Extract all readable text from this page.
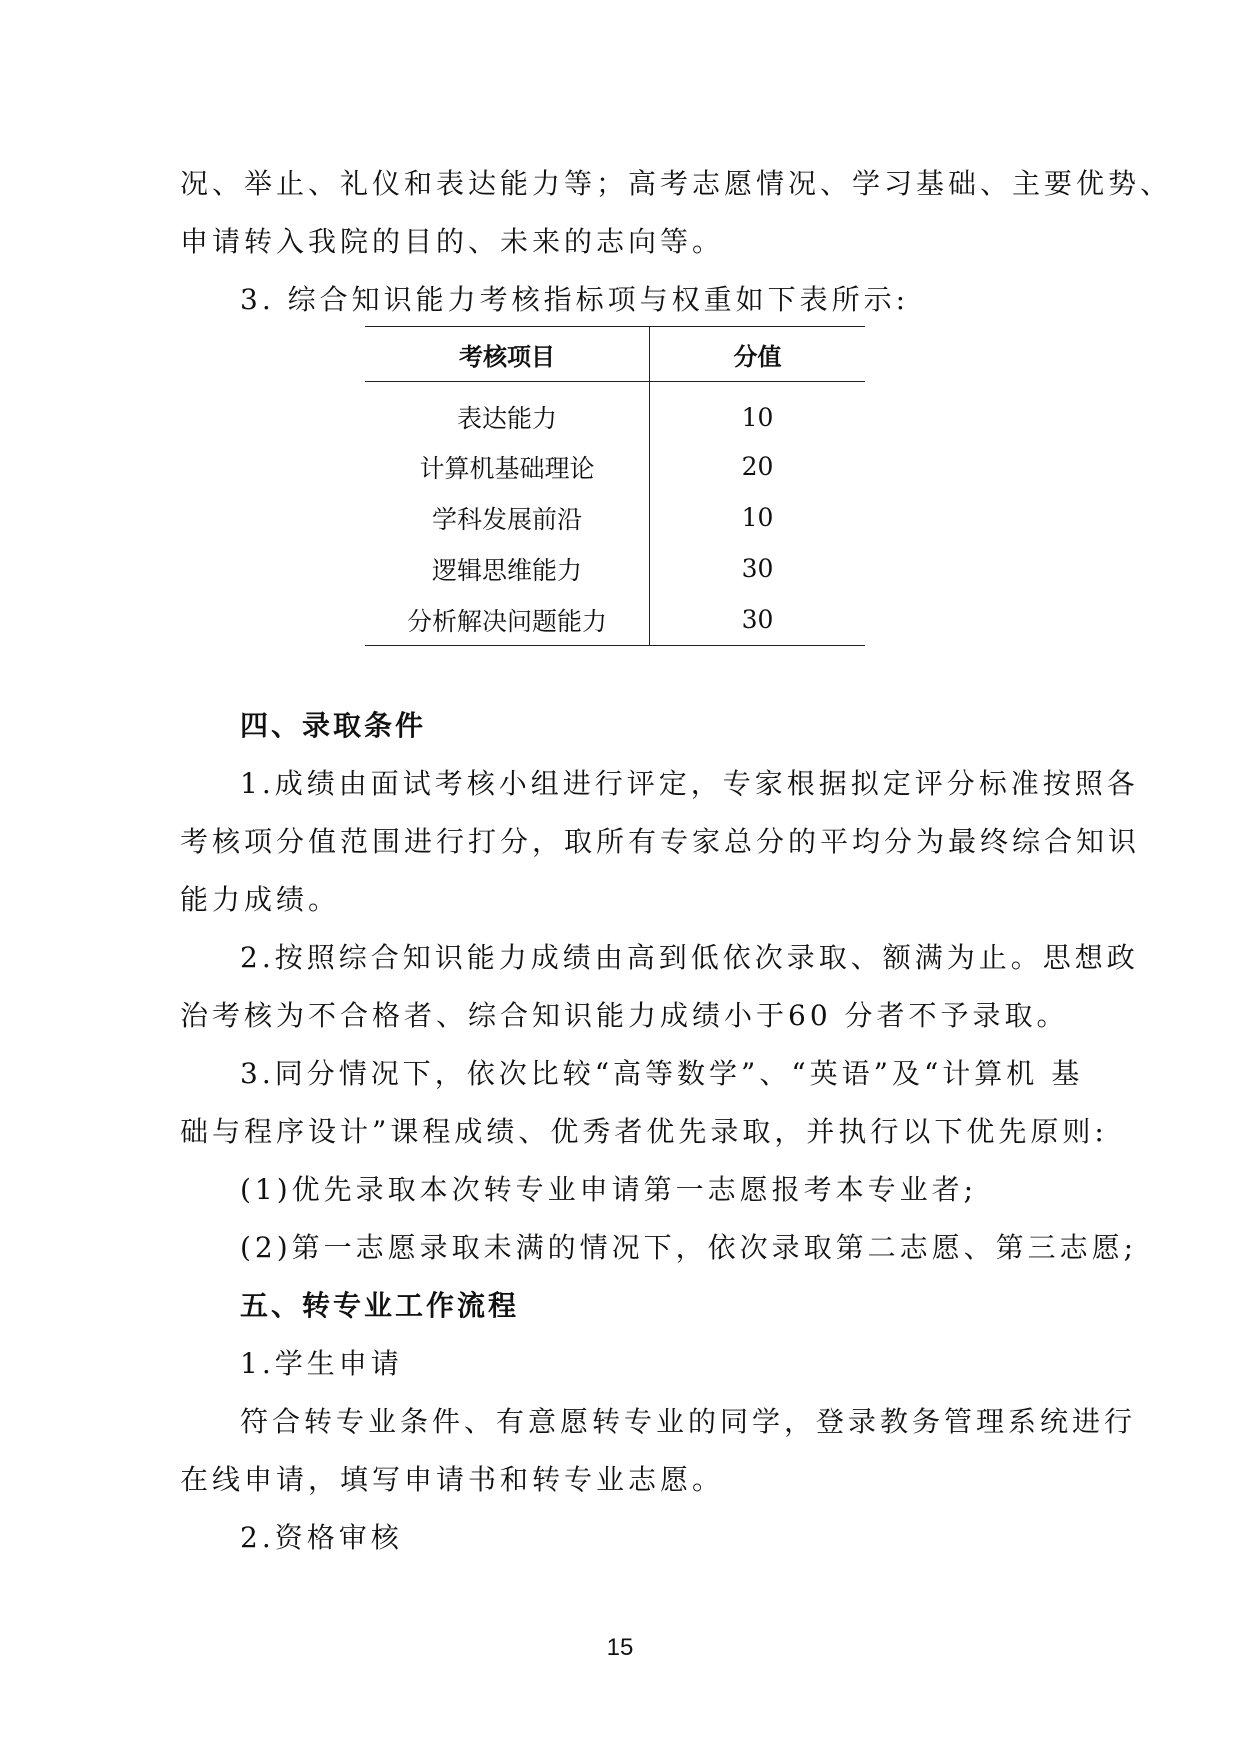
况、举止、礼仪和表达能力等；高考志愿情况、学习基础、主要优势、
申请转入我院的目的、未来的志向等。
3. 综合知识能力考核指标项与权重如下表所示:
考核项目	分值
表达能力	10
计算机基础理论	20
学科发展前沿	10
逻辑思维能力	30
分析解决问题能力	30
四、录取条件
1.成绩由面试考核小组进行评定，专家根据拟定评分标准按照各
考核项分值范围进行打分，取所有专家总分的平均分为最终综合知识
能力成绩。
2.按照综合知识能力成绩由高到低依次录取、额满为止。思想政
治考核为不合格者、综合知识能力成绩小于60 分者不予录取。
3.同分情况下，依次比较“高等数学”、“英语”及“计算机 基
础与程序设计”课程成绩、优秀者优先录取，并执行以下优先原则:
(1)优先录取本次转专业申请第一志愿报考本专业者;
(2)第一志愿录取未满的情况下，依次录取第二志愿、第三志愿;
五、转专业工作流程
1.学生申请
符合转专业条件、有意愿转专业的同学，登录教务管理系统进行
在线申请，填写申请书和转专业志愿。
2.资格审核
15
